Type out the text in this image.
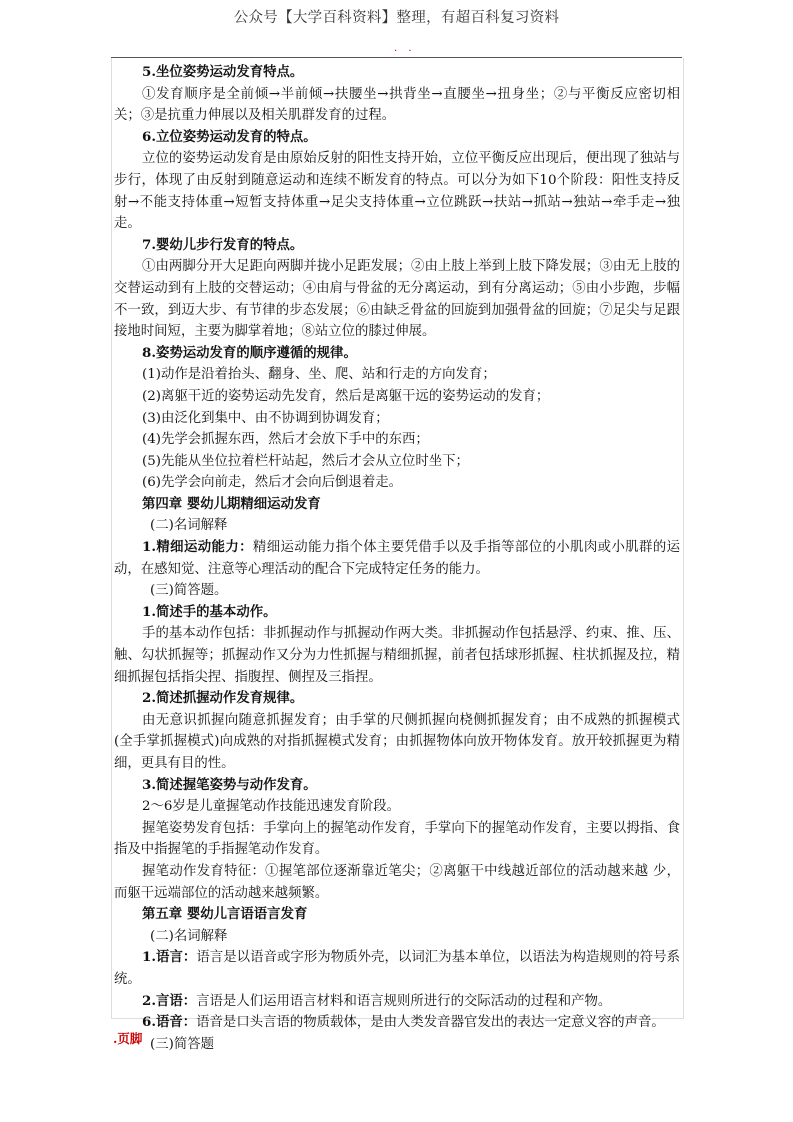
公众号【大学百科资料】整理，有超百科复习资料
· ·

5.坐位姿势运动发育特点。

①发育顺序是全前倾→半前倾→扶腰坐→拱背坐→直腰坐→扭身坐；②与平衡反应密切相关；③是抗重力伸展以及相关肌群发育的过程。

6.立位姿势运动发育的特点。

立位的姿势运动发育是由原始反射的阳性支持开始，立位平衡反应出现后，便出现了独站与步行，体现了由反射到随意运动和连续不断发育的特点。可以分为如下10个阶段：阳性支持反射→不能支持体重→短暂支持体重→足尖支持体重→立位跳跃→扶站→抓站→独站→牵手走→独走。

7.婴幼儿步行发育的特点。

①由两脚分开大足距向两脚并拢小足距发展；②由上肢上举到上肢下降发展；③由无上肢的交替运动到有上肢的交替运动；④由肩与骨盆的无分离运动，到有分离运动；⑤由小步跑，步幅不一致，到迈大步、有节律的步态发展；⑥由缺乏骨盆的回旋到加强骨盆的回旋；⑦足尖与足跟接地时间短，主要为脚掌着地；⑧站立位的膝过伸展。

8.姿势运动发育的顺序遵循的规律。

(1)动作是沿着抬头、翻身、坐、爬、站和行走的方向发育；

(2)离躯干近的姿势运动先发育，然后是离躯干远的姿势运动的发育；

(3)由泛化到集中、由不协调到协调发育；

(4)先学会抓握东西，然后才会放下手中的东西；

(5)先能从坐位拉着栏杆站起，然后才会从立位时坐下；

(6)先学会向前走，然后才会向后倒退着走。

第四章 婴幼儿期精细运动发育

(二)名词解释

1.精细运动能力：精细运动能力指个体主要凭借手以及手指等部位的小肌肉或小肌群的运动，在感知觉、注意等心理活动的配合下完成特定任务的能力。

(三)简答题。

1.简述手的基本动作。

手的基本动作包括：非抓握动作与抓握动作两大类。非抓握动作包括悬浮、约束、推、压、触、勾状抓握等；抓握动作又分为力性抓握与精细抓握，前者包括球形抓握、柱状抓握及拉，精细抓握包括指尖捏、指腹捏、侧捏及三指捏。

2.简述抓握动作发育规律。

由无意识抓握向随意抓握发育；由手掌的尺侧抓握向桡侧抓握发育；由不成熟的抓握模式(全手掌抓握模式)向成熟的对指抓握模式发育；由抓握物体向放开物体发育。放开较抓握更为精细，更具有目的性。

3.简述握笔姿势与动作发育。

2～6岁是儿童握笔动作技能迅速发育阶段。

握笔姿势发育包括：手掌向上的握笔动作发育，手掌向下的握笔动作发育，主要以拇指、食指及中指握笔的手指握笔动作发育。

握笔动作发育特征：①握笔部位逐渐靠近笔尖；②离躯干中线越近部位的活动越来越 少，而躯干远端部位的活动越来越频繁。

第五章 婴幼儿言语语言发育

(二)名词解释

1.语言：语言是以语音或字形为物质外壳，以词汇为基本单位，以语法为构造规则的符号系统。

2.言语：言语是人们运用语言材料和语言规则所进行的交际活动的过程和产物。

6.语音：语音是口头言语的物质载体，是由人类发音器官发出的表达一定意义容的声音。

(三)简答题

.页脚
